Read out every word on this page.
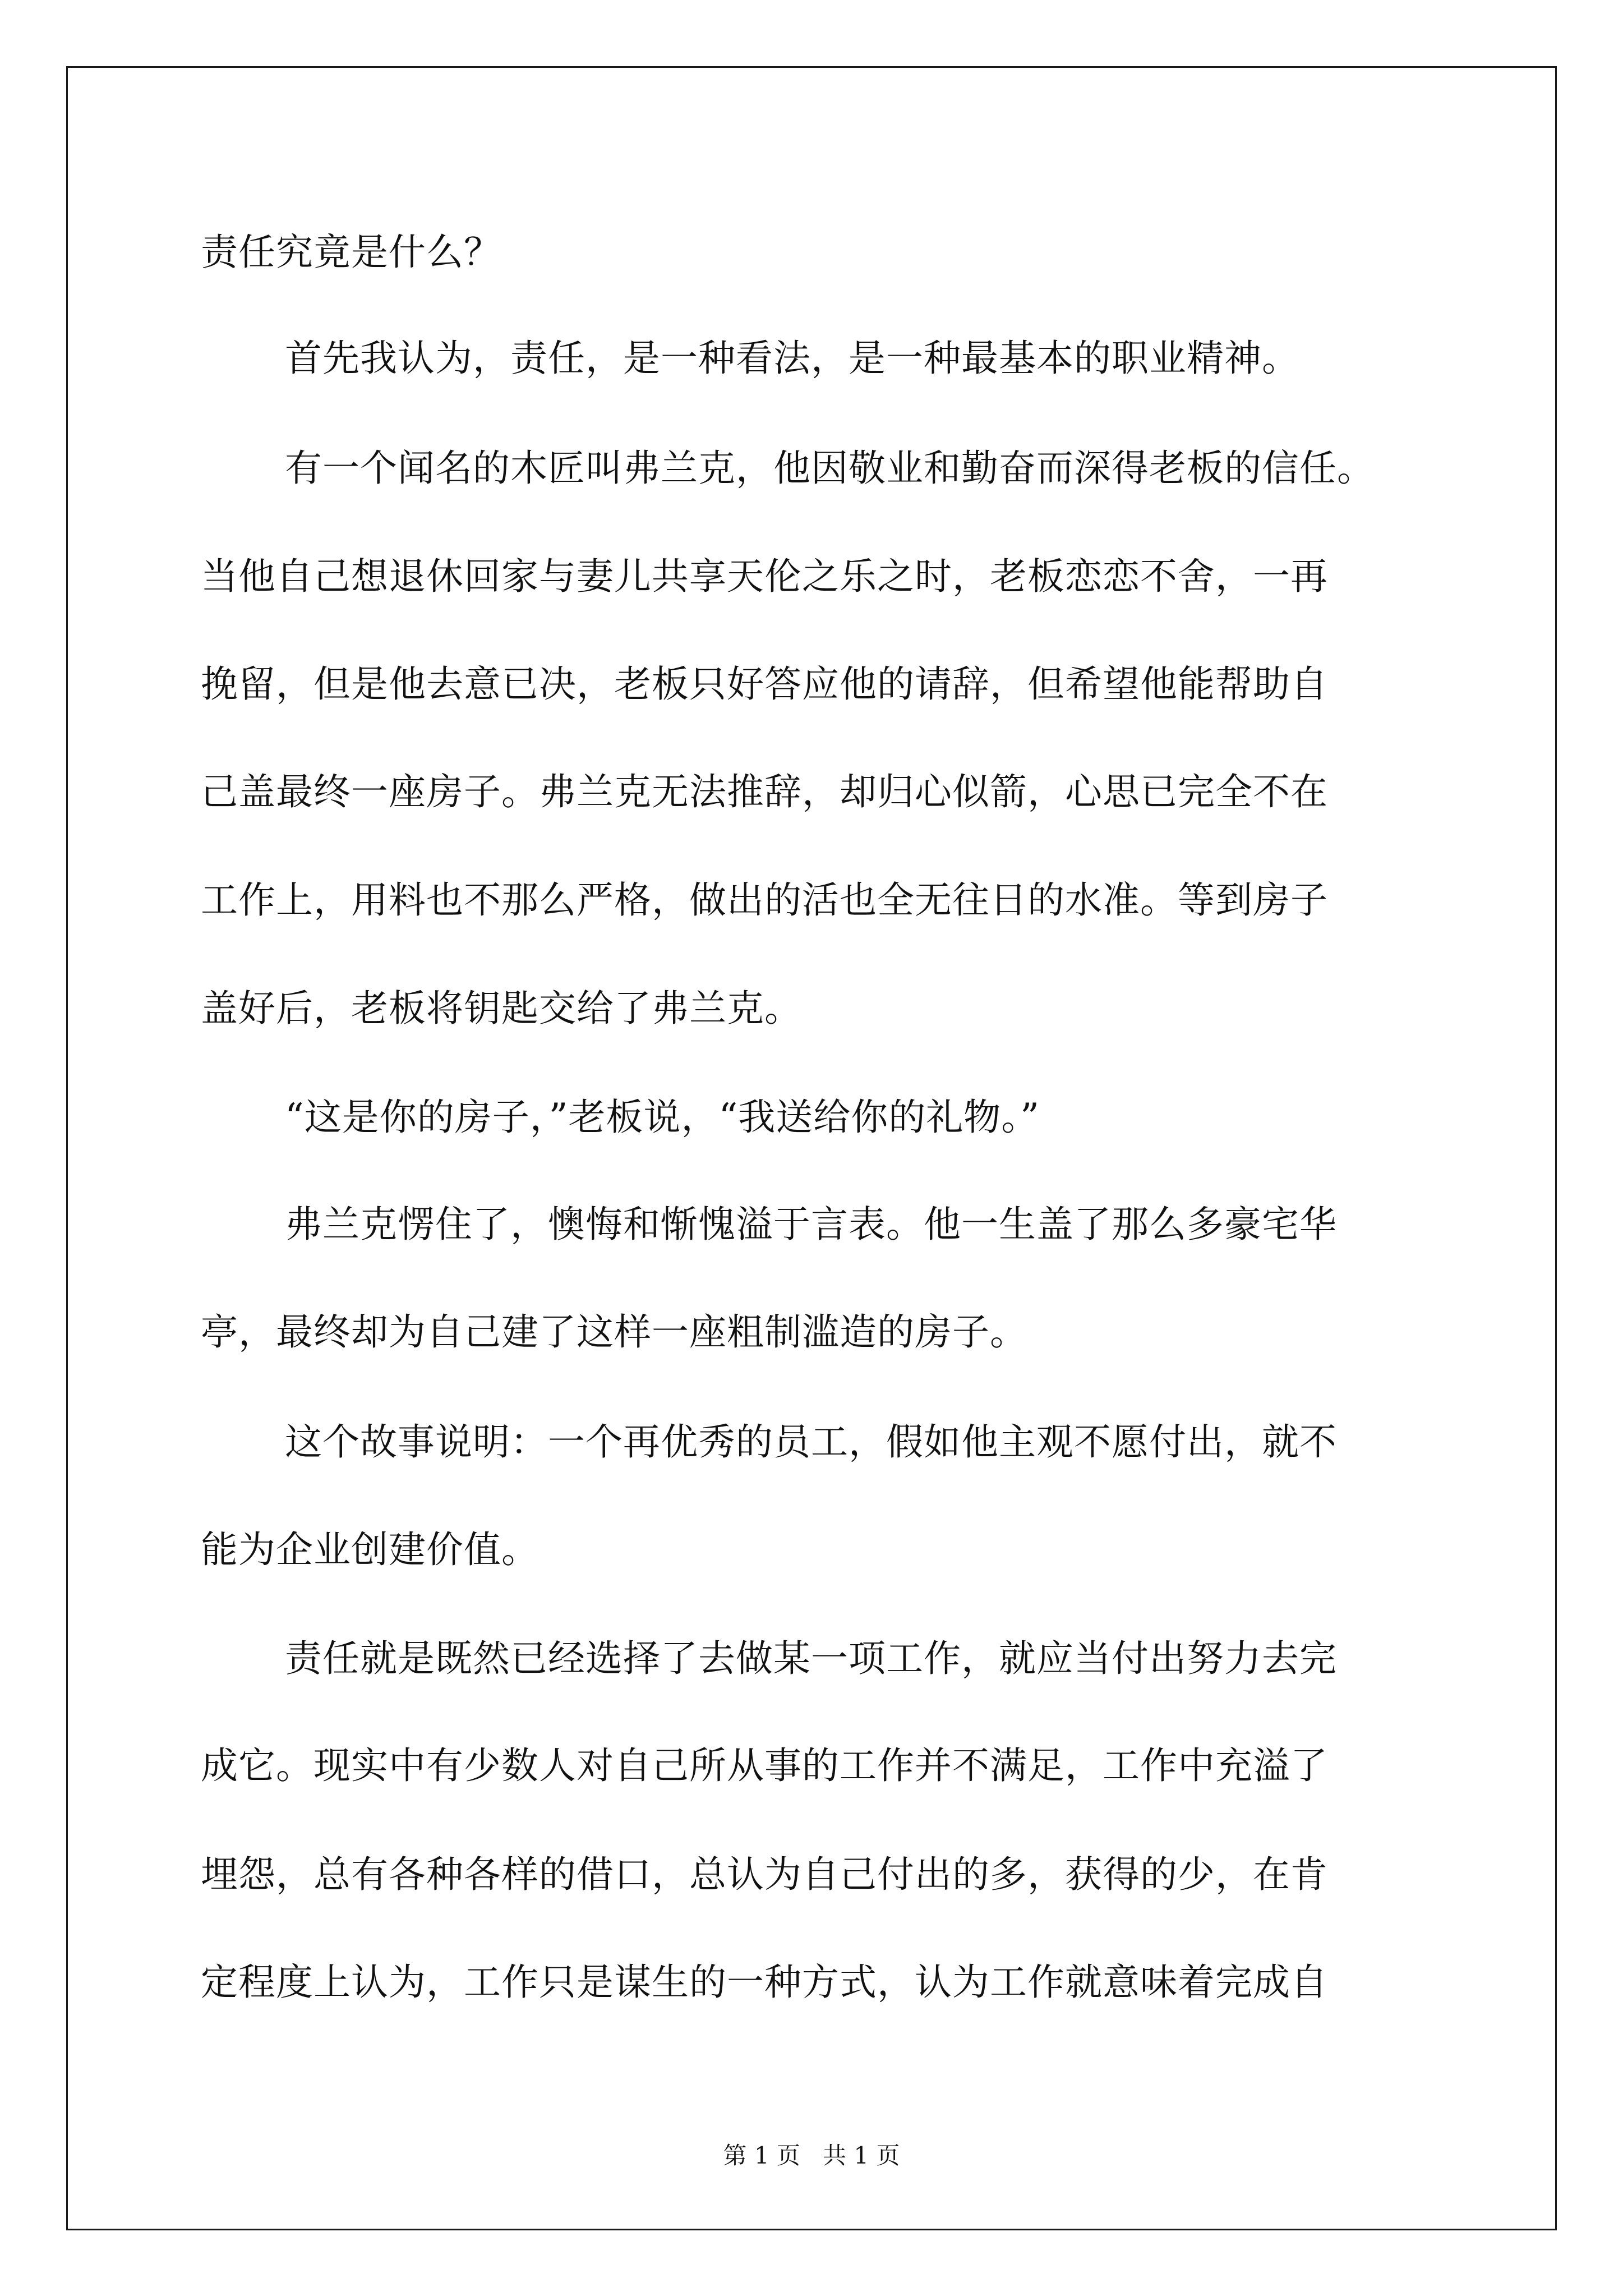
责任究竟是什么？
首先我认为，责任，是一种看法，是一种最基本的职业精神。
有一个闻名的木匠叫弗兰克，他因敬业和勤奋而深得老板的信任。
当他自己想退休回家与妻儿共享天伦之乐之时，老板恋恋不舍，一再
挽留，但是他去意已决，老板只好答应他的请辞，但希望他能帮助自
己盖最终一座房子。弗兰克无法推辞，却归心似箭，心思已完全不在
工作上，用料也不那么严格，做出的活也全无往日的水准。等到房子
盖好后，老板将钥匙交给了弗兰克。
“这是你的房子，”老板说，“我送给你的礼物。”
弗兰克愣住了，懊悔和惭愧溢于言表。他一生盖了那么多豪宅华
亭，最终却为自己建了这样一座粗制滥造的房子。
这个故事说明：一个再优秀的员工，假如他主观不愿付出，就不
能为企业创建价值。
责任就是既然已经选择了去做某一项工作，就应当付出努力去完
成它。现实中有少数人对自己所从事的工作并不满足，工作中充溢了
埋怨，总有各种各样的借口，总认为自己付出的多，获得的少，在肯
定程度上认为，工作只是谋生的一种方式，认为工作就意味着完成自
第 1 页   共 1 页
